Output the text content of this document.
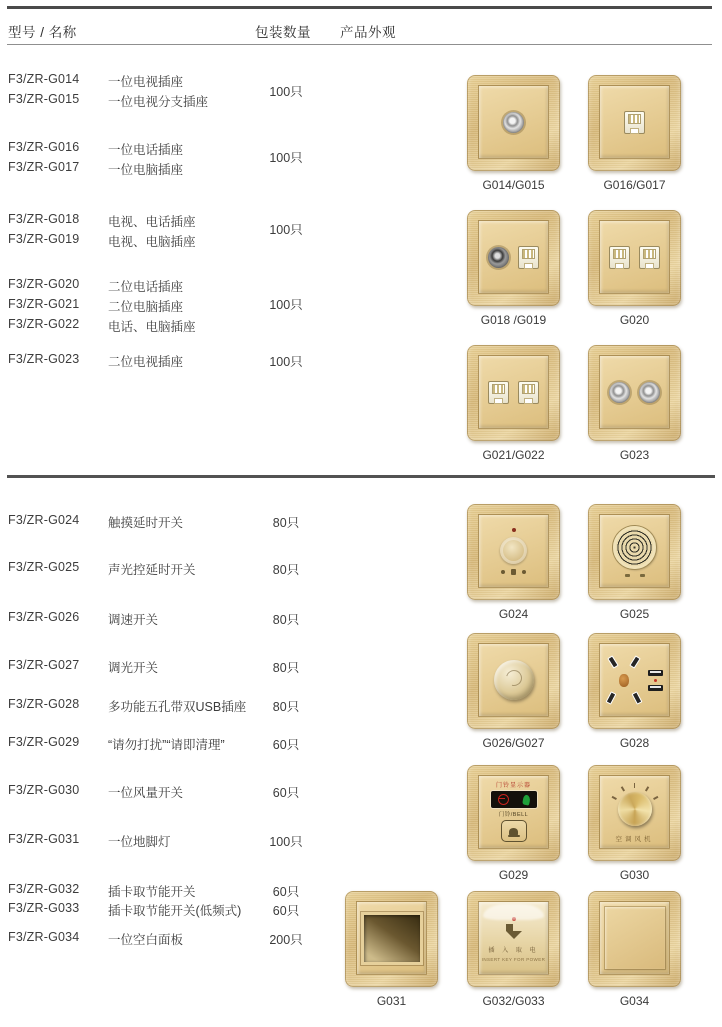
型号 / 名称	包装数量 产品外观
F3/ZR-G014 一位电视插座
F3/ZR-G015 一位电视分支插座
100只
F3/ZR-G016 一位电话插座
F3/ZR-G017 一位电脑插座
100只
F3/ZR-G018 电视、电话插座
F3/ZR-G019 电视、电脑插座
100只
F3/ZR-G020 二位电话插座
F3/ZR-G021 二位电脑插座
F3/ZR-G022 电话、电脑插座
100只
F3/ZR-G023 二位电视插座	100只
F3/ZR-G024 触摸延时开关	80只
F3/ZR-G025 声光控延时开关	80只
F3/ZR-G026 调速开关	80只
F3/ZR-G027 调光开关	80只
F3/ZR-G028 多功能五孔带双USB插座	80只
F3/ZR-G029 “请勿打扰”“请即清理”	60只
F3/ZR-G030 一位风量开关	60只
F3/ZR-G031 一位地脚灯	100只
F3/ZR-G032 插卡取节能开关	60只
F3/ZR-G033 插卡取节能开关(低频式)	60只
F3/ZR-G034 一位空白面板	200只
G014/G015	G016/G017
G018 /G019	G020
G021/G022	G023
G024	G025
G026/G027	G028
门铃显示器
门铃/BELL
G029
空调风机
G030
G031
插 入 取 电
INSERT KEY FOR POWER
G032/G033	G034
